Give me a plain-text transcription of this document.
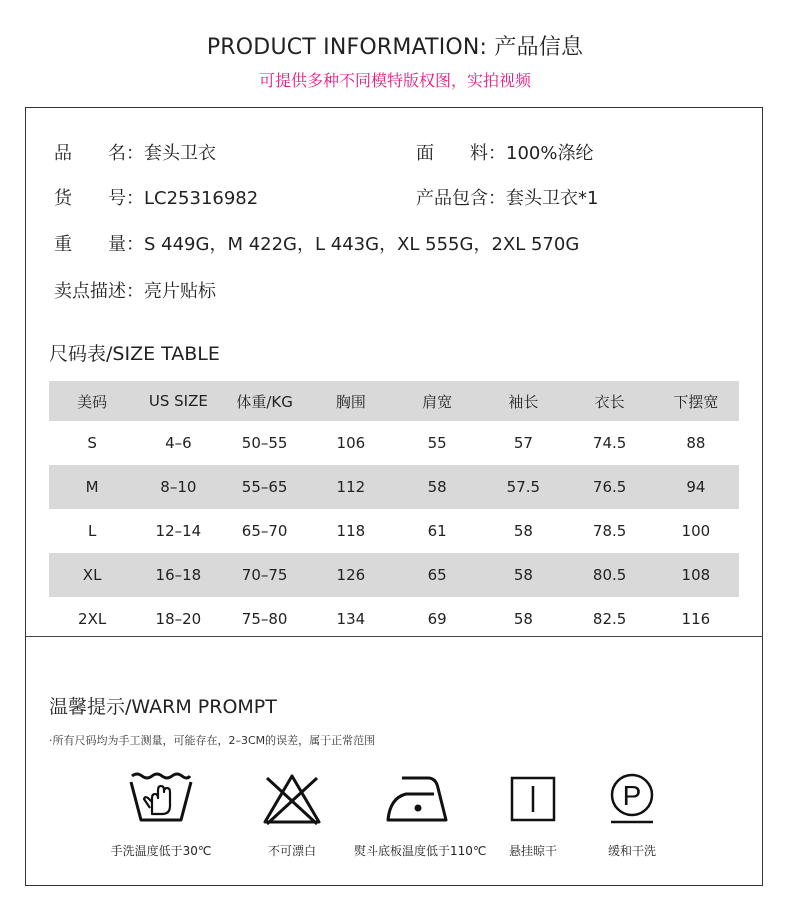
PRODUCT INFORMATION: 产品信息
可提供多种不同模特版权图，实拍视频
品　　名：套头卫衣	面　　料：100%涤纶
货　　号：LC25316982	产品包含：套头卫衣*1
重　　量：S 449G，M 422G，L 443G，XL 555G，2XL 570G
卖点描述：亮片贴标
尺码表/SIZE TABLE
美码	US SIZE	体重/KG	胸围	肩宽	袖长	衣长	下摆宽
S	4–6	50–55	106	55	57	74.5	88
M	8–10	55–65	112	58	57.5	76.5	94
L	12–14	65–70	118	61	58	78.5	100
XL	16–18	70–75	126	65	58	80.5	108
2XL	18–20	75–80	134	69	58	82.5	116
温馨提示/WARM PROMPT
·所有尺码均为手工测量，可能存在，2–3CM的误差，属于正常范围
手洗温度低于30℃	不可漂白	熨斗底板温度低于110℃	悬挂晾干
P
缓和干洗
